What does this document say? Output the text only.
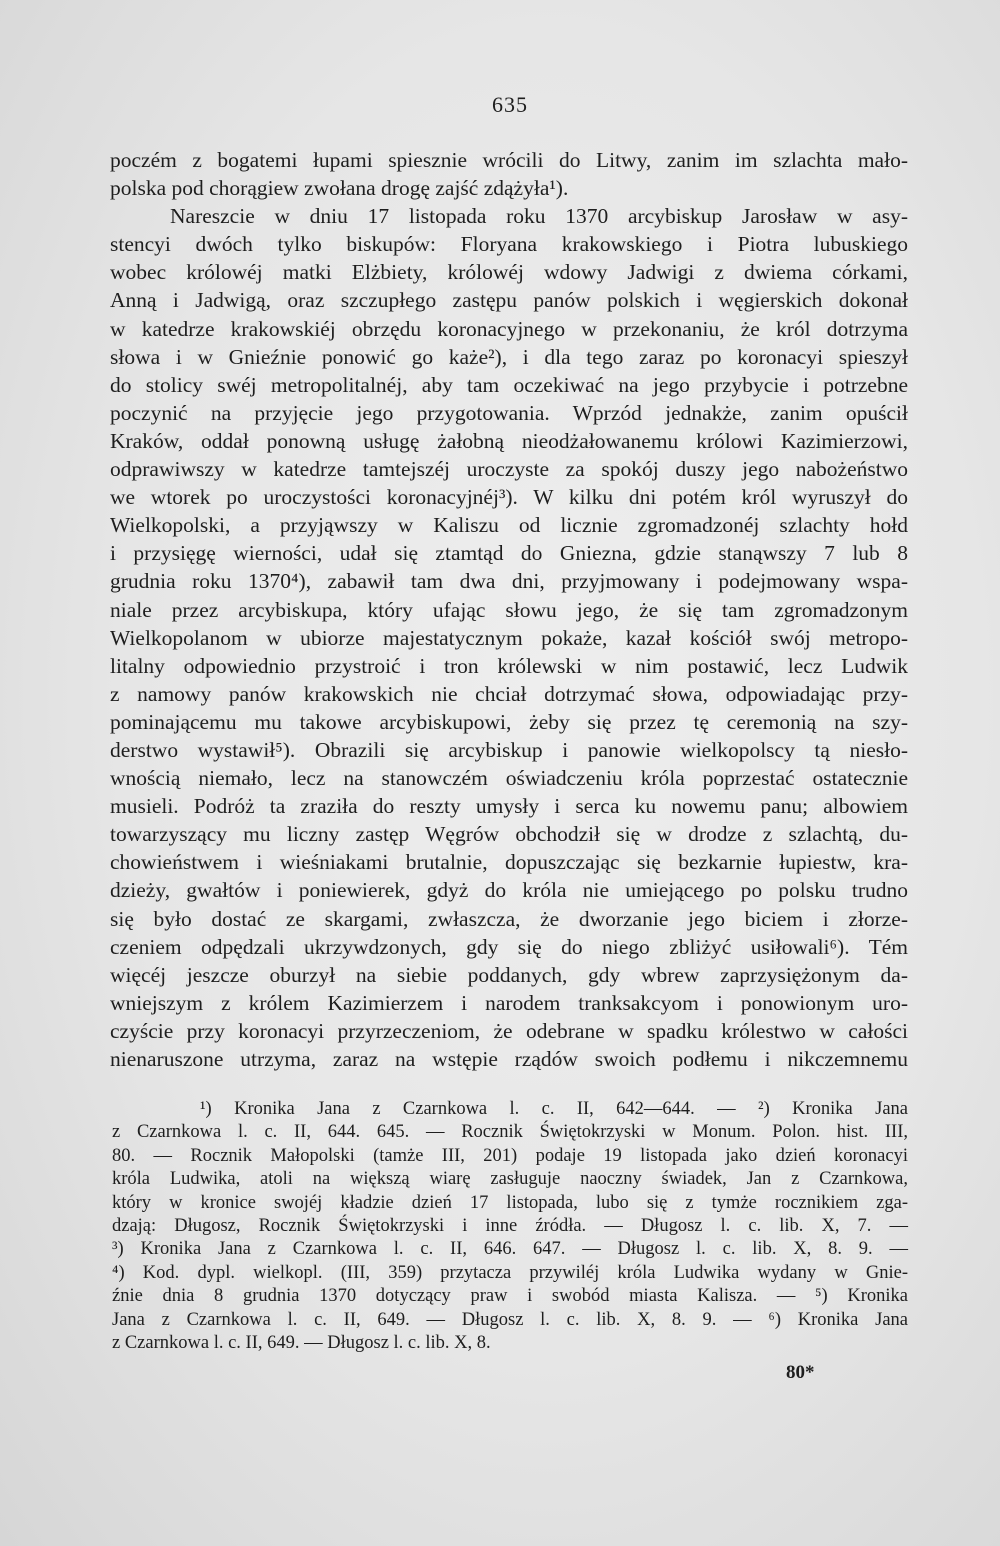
635
poczém z bogatemi łupami spiesznie wrócili do Litwy, zanim im szlachta mało-
polska pod chorągiew zwołana drogę zajść zdążyła¹).
Nareszcie w dniu 17 listopada roku 1370 arcybiskup Jarosław w asy-
stencyi dwóch tylko biskupów: Floryana krakowskiego i Piotra lubuskiego
wobec królowéj matki Elżbiety, królowéj wdowy Jadwigi z dwiema córkami,
Anną i Jadwigą, oraz szczupłego zastępu panów polskich i węgierskich dokonał
w katedrze krakowskiéj obrzędu koronacyjnego w przekonaniu, że król dotrzyma
słowa i w Gnieźnie ponowić go każe²), i dla tego zaraz po koronacyi spieszył
do stolicy swéj metropolitalnéj, aby tam oczekiwać na jego przybycie i potrzebne
poczynić na przyjęcie jego przygotowania. Wprzód jednakże, zanim opuścił
Kraków, oddał ponowną usługę żałobną nieodżałowanemu królowi Kazimierzowi,
odprawiwszy w katedrze tamtejszéj uroczyste za spokój duszy jego nabożeństwo
we wtorek po uroczystości koronacyjnéj³). W kilku dni potém król wyruszył do
Wielkopolski, a przyjąwszy w Kaliszu od licznie zgromadzonéj szlachty hołd
i przysięgę wierności, udał się ztamtąd do Gniezna, gdzie stanąwszy 7 lub 8
grudnia roku 1370⁴), zabawił tam dwa dni, przyjmowany i podejmowany wspa-
niale przez arcybiskupa, który ufając słowu jego, że się tam zgromadzonym
Wielkopolanom w ubiorze majestatycznym pokaże, kazał kościół swój metropo-
litalny odpowiednio przystroić i tron królewski w nim postawić, lecz Ludwik
z namowy panów krakowskich nie chciał dotrzymać słowa, odpowiadając przy-
pominającemu mu takowe arcybiskupowi, żeby się przez tę ceremonią na szy-
derstwo wystawił⁵). Obrazili się arcybiskup i panowie wielkopolscy tą niesło-
wnością niemało, lecz na stanowczém oświadczeniu króla poprzestać ostatecznie
musieli. Podróż ta zraziła do reszty umysły i serca ku nowemu panu; albowiem
towarzyszący mu liczny zastęp Węgrów obchodził się w drodze z szlachtą, du-
chowieństwem i wieśniakami brutalnie, dopuszczając się bezkarnie łupiestw, kra-
dzieży, gwałtów i poniewierek, gdyż do króla nie umiejącego po polsku trudno
się było dostać ze skargami, zwłaszcza, że dworzanie jego biciem i złorze-
czeniem odpędzali ukrzywdzonych, gdy się do niego zbliżyć usiłowali⁶). Tém
więcéj jeszcze oburzył na siebie poddanych, gdy wbrew zaprzysiężonym da-
wniejszym z królem Kazimierzem i narodem tranksakcyom i ponowionym uro-
czyście przy koronacyi przyrzeczeniom, że odebrane w spadku królestwo w całości
nienaruszone utrzyma, zaraz na wstępie rządów swoich podłemu i nikczemnemu
¹) Kronika Jana z Czarnkowa l. c. II, 642—644. — ²) Kronika Jana
z Czarnkowa l. c. II, 644. 645. — Rocznik Świętokrzyski w Monum. Polon. hist. III,
80. — Rocznik Małopolski (tamże III, 201) podaje 19 listopada jako dzień koronacyi
króla Ludwika, atoli na większą wiarę zasługuje naoczny świadek, Jan z Czarnkowa,
który w kronice swojéj kładzie dzień 17 listopada, lubo się z tymże rocznikiem zga-
dzają: Długosz, Rocznik Świętokrzyski i inne źródła. — Długosz l. c. lib. X, 7. —
³) Kronika Jana z Czarnkowa l. c. II, 646. 647. — Długosz l. c. lib. X, 8. 9. —
⁴) Kod. dypl. wielkopl. (III, 359) przytacza przywiléj króla Ludwika wydany w Gnie-
źnie dnia 8 grudnia 1370 dotyczący praw i swobód miasta Kalisza. — ⁵) Kronika
Jana z Czarnkowa l. c. II, 649. — Długosz l. c. lib. X, 8. 9. — ⁶) Kronika Jana
z Czarnkowa l. c. II, 649. — Długosz l. c. lib. X, 8.
80*
